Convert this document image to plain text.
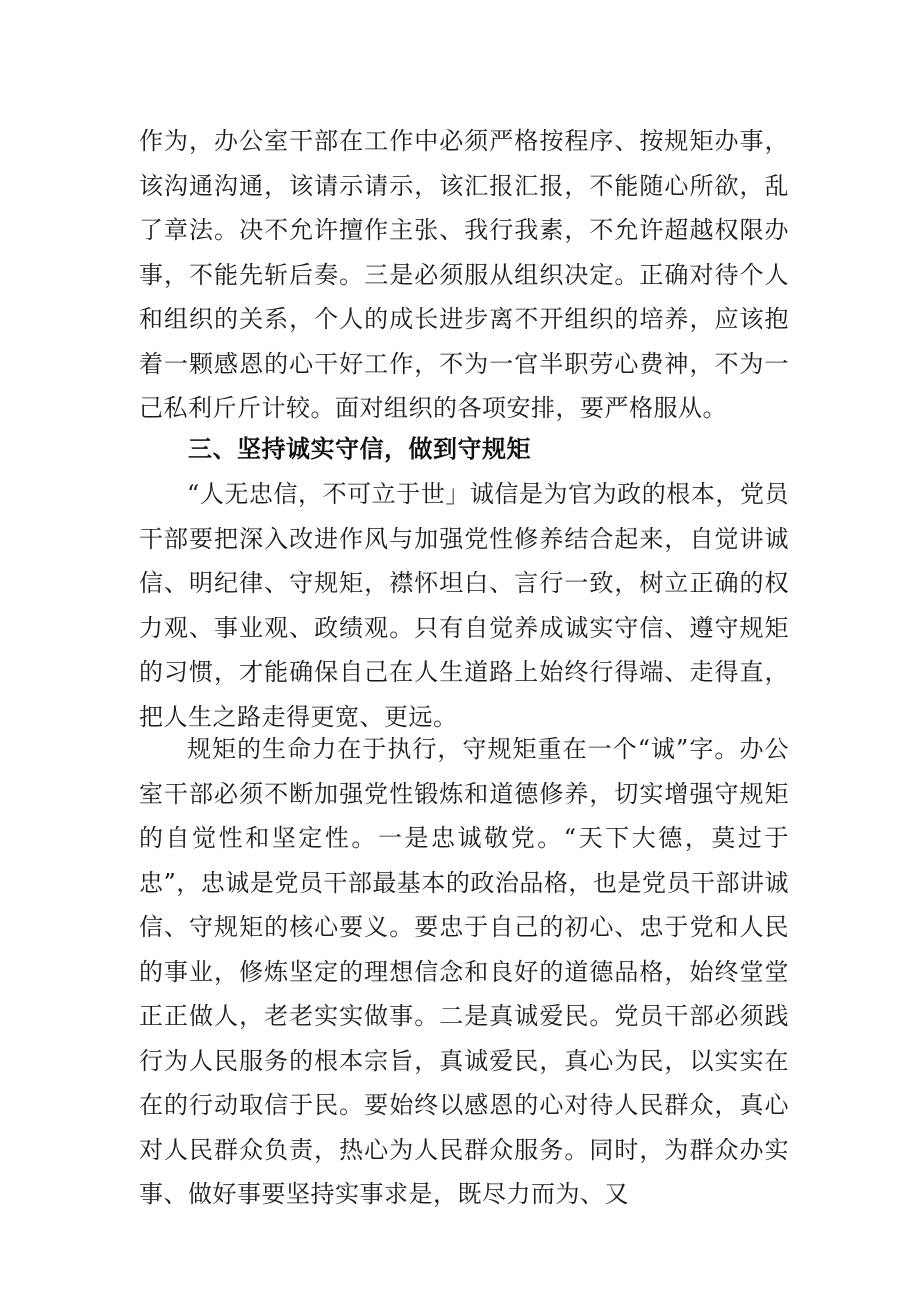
作为，办公室干部在工作中必须严格按程序、按规矩办事，该沟通沟通，该请示请示，该汇报汇报，不能随心所欲，乱了章法。决不允许擅作主张、我行我素，不允许超越权限办事，不能先斩后奏。三是必须服从组织决定。正确对待个人和组织的关系，个人的成长进步离不开组织的培养，应该抱着一颗感恩的心干好工作，不为一官半职劳心费神，不为一己私利斤斤计较。面对组织的各项安排，要严格服从。

三、坚持诚实守信，做到守规矩

“人无忠信，不可立于世」诚信是为官为政的根本，党员干部要把深入改进作风与加强党性修养结合起来，自觉讲诚信、明纪律、守规矩，襟怀坦白、言行一致，树立正确的权力观、事业观、政绩观。只有自觉养成诚实守信、遵守规矩的习惯，才能确保自己在人生道路上始终行得端、走得直，把人生之路走得更宽、更远。

规矩的生命力在于执行，守规矩重在一个“诚”字。办公室干部必须不断加强党性锻炼和道德修养，切实增强守规矩的自觉性和坚定性。一是忠诚敬党。“天下大德，莫过于忠”，忠诚是党员干部最基本的政治品格，也是党员干部讲诚信、守规矩的核心要义。要忠于自己的初心、忠于党和人民的事业，修炼坚定的理想信念和良好的道德品格，始终堂堂正正做人，老老实实做事。二是真诚爱民。党员干部必须践行为人民服务的根本宗旨，真诚爱民，真心为民，以实实在在的行动取信于民。要始终以感恩的心对待人民群众，真心对人民群众负责，热心为人民群众服务。同时，为群众办实事、做好事要坚持实事求是，既尽力而为、又
